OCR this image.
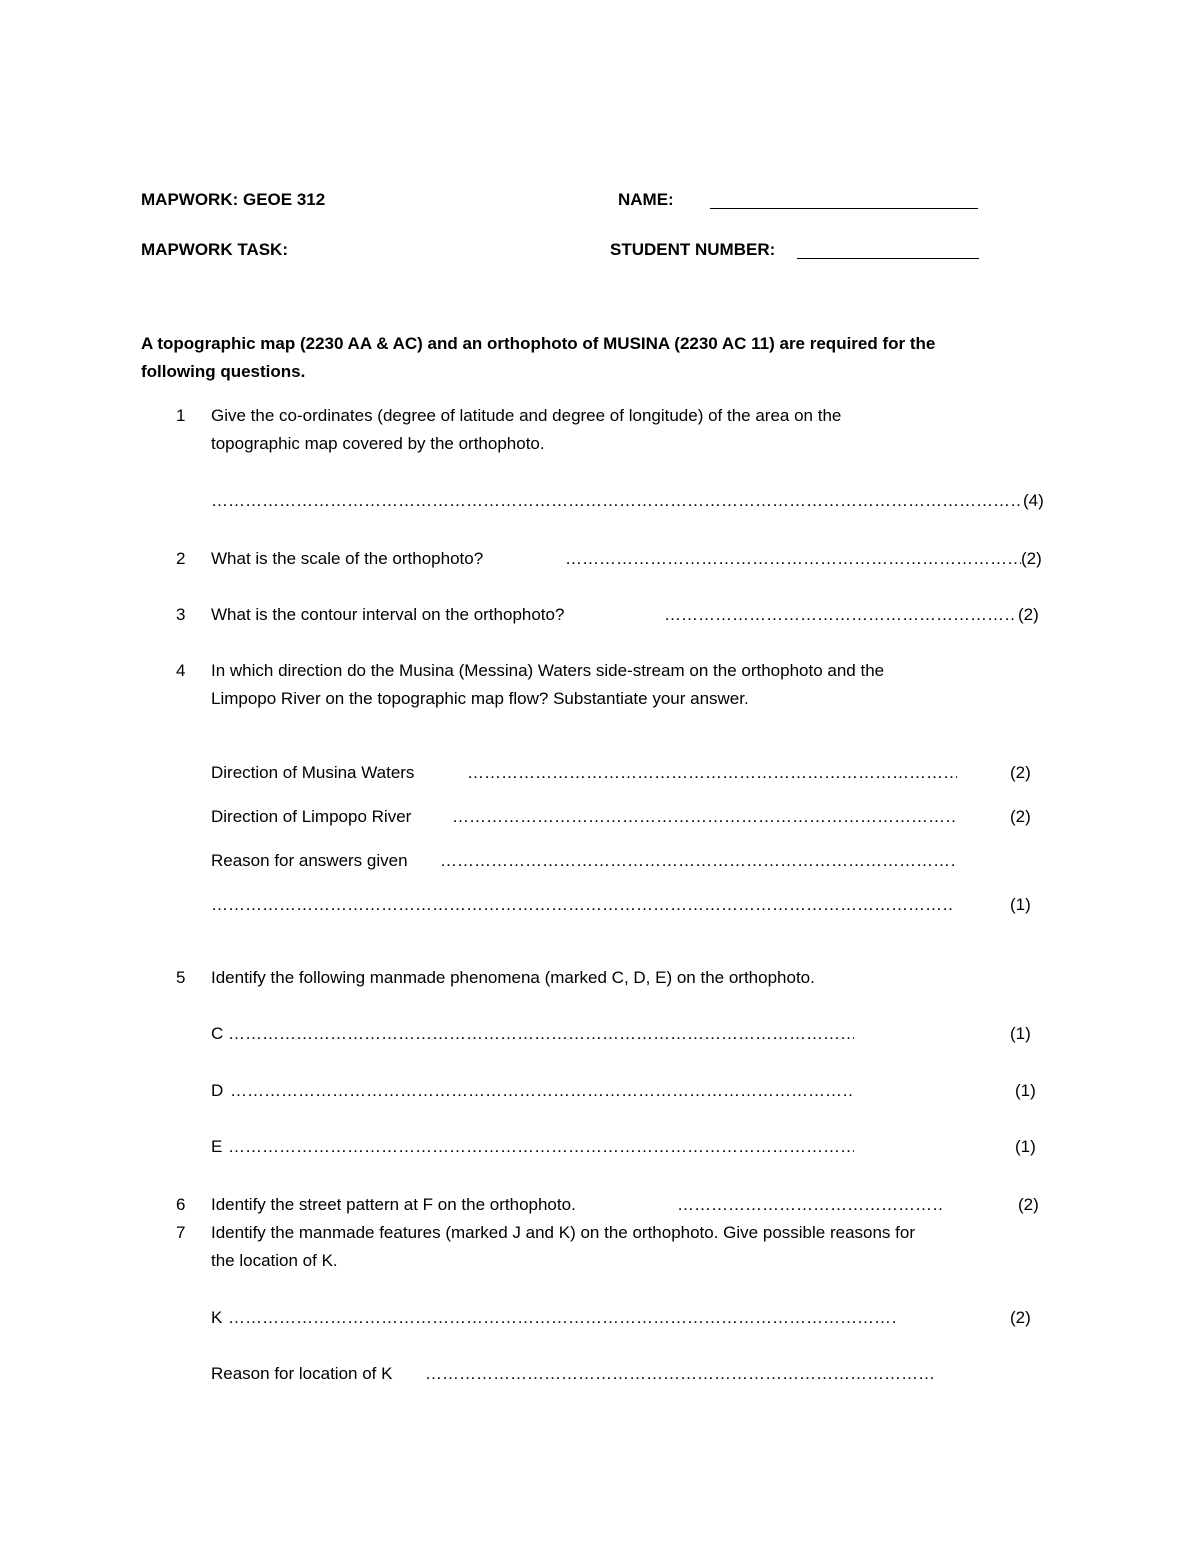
MAPWORK: GEOE 312	NAME:
MAPWORK TASK:	STUDENT NUMBER:
A topographic map (2230 AA & AC) and an orthophoto of MUSINA (2230 AC 11) are required for the
following questions.
1 Give the co-ordinates (degree of latitude and degree of longitude) of the area on the
topographic map covered by the orthophoto.
……………………………………………………………………………………………………………………………………………………………………………………………………………………
(4)
2 What is the scale of the orthophoto? ……………………………………………………………………………………………………………………………………………………………………………………………………………………	(2)
3 What is the contour interval on the orthophoto? ……………………………………………………………………………………………………………………………………………………………………………………………………………………	(2)
4 In which direction do the Musina (Messina) Waters side-stream on the orthophoto and the
Limpopo River on the topographic map flow? Substantiate your answer.
Direction of Musina Waters ……………………………………………………………………………………………………………………………………………………………………………………………………………………	(2)
Direction of Limpopo River ……………………………………………………………………………………………………………………………………………………………………………………………………………………	(2)
Reason for answers given
……………………………………………………………………………………………………………………………………………………………………………………………………………………
……………………………………………………………………………………………………………………………………………………………………………………………………………………
(1)
5 Identify the following manmade phenomena (marked C, D, E) on the orthophoto.
C ……………………………………………………………………………………………………………………………………………………………………………………………………………………	(1)
D ……………………………………………………………………………………………………………………………………………………………………………………………………………………	(1)
E ……………………………………………………………………………………………………………………………………………………………………………………………………………………	(1)
6 Identify the street pattern at F on the orthophoto. ……………………………………………………………………………………………………………………………………………………………………………………………………………………	(2)
7 Identify the manmade features (marked J and K) on the orthophoto. Give possible reasons for
the location of K.
K ……………………………………………………………………………………………………………………………………………………………………………………………………………………	(2)
Reason for location of K
……………………………………………………………………………………………………………………………………………………………………………………………………………………
